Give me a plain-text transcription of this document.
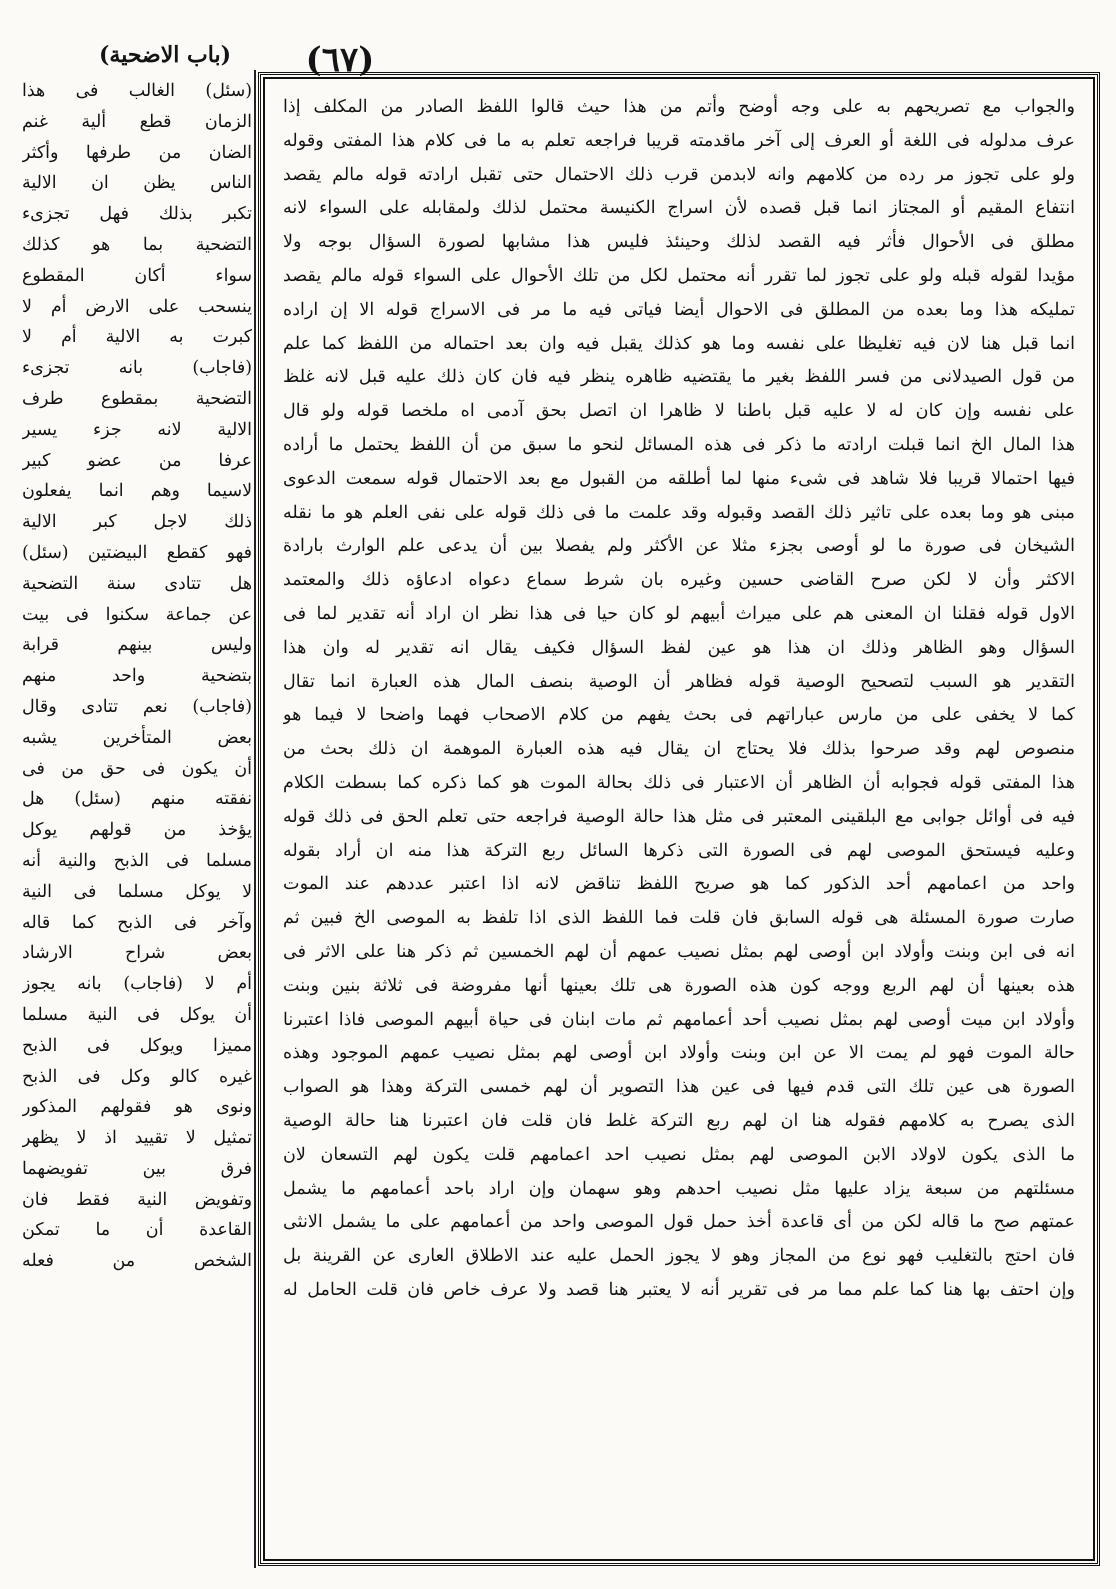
(٦٧)
(باب الاضحية)
والجواب مع تصريحهم به على وجه أوضح وأتم من هذا حيث قالوا اللفظ الصادر من المكلف إذا
عرف مدلوله فى اللغة أو العرف إلى آخر ماقدمته قريبا فراجعه تعلم به ما فى كلام هذا المفتى وقوله
ولو على تجوز مر رده من كلامهم وانه لابدمن قرب ذلك الاحتمال حتى تقبل ارادته قوله مالم يقصد
انتفاع المقيم أو المجتاز انما قبل قصده لأن اسراج الكنيسة محتمل لذلك ولمقابله على السواء لانه
مطلق فى الأحوال فأثر فيه القصد لذلك وحينئذ فليس هذا مشابها لصورة السؤال بوجه ولا
مؤيدا لقوله قبله ولو على تجوز لما تقرر أنه محتمل لكل من تلك الأحوال على السواء قوله مالم يقصد
تمليكه هذا وما بعده من المطلق فى الاحوال أيضا فياتى فيه ما مر فى الاسراج قوله الا إن اراده
انما قبل هنا لان فيه تغليظا على نفسه وما هو كذلك يقبل فيه وان بعد احتماله من اللفظ كما علم
من قول الصيدلانى من فسر اللفظ بغير ما يقتضيه ظاهره ينظر فيه فان كان ذلك عليه قبل لانه غلظ
على نفسه وإن كان له لا عليه قبل باطنا لا ظاهرا ان اتصل بحق آدمى اه ملخصا قوله ولو قال
هذا المال الخ انما قبلت ارادته ما ذكر فى هذه المسائل لنحو ما سبق من أن اللفظ يحتمل ما أراده
فيها احتمالا قريبا فلا شاهد فى شىء منها لما أطلقه من القبول مع بعد الاحتمال قوله سمعت الدعوى
مبنى هو وما بعده على تاثير ذلك القصد وقبوله وقد علمت ما فى ذلك قوله على نفى العلم هو ما نقله
الشيخان فى صورة ما لو أوصى بجزء مثلا عن الأكثر ولم يفصلا بين أن يدعى علم الوارث بارادة
الاكثر وأن لا لكن صرح القاضى حسين وغيره بان شرط سماع دعواه ادعاؤه ذلك والمعتمد
الاول قوله فقلنا ان المعنى هم على ميراث أبيهم لو كان حيا فى هذا نظر ان اراد أنه تقدير لما فى
السؤال وهو الظاهر وذلك ان هذا هو عين لفظ السؤال فكيف يقال انه تقدير له وان هذا
التقدير هو السبب لتصحيح الوصية قوله فظاهر أن الوصية بنصف المال هذه العبارة انما تقال
كما لا يخفى على من مارس عباراتهم فى بحث يفهم من كلام الاصحاب فهما واضحا لا فيما هو
منصوص لهم وقد صرحوا بذلك فلا يحتاج ان يقال فيه هذه العبارة الموهمة ان ذلك بحث من
هذا المفتى قوله فجوابه أن الظاهر أن الاعتبار فى ذلك بحالة الموت هو كما ذكره كما بسطت الكلام
فيه فى أوائل جوابى مع البلقينى المعتبر فى مثل هذا حالة الوصية فراجعه حتى تعلم الحق فى ذلك قوله
وعليه فيستحق الموصى لهم فى الصورة التى ذكرها السائل ربع التركة هذا منه ان أراد بقوله
واحد من اعمامهم أحد الذكور كما هو صريح اللفظ تناقض لانه اذا اعتبر عددهم عند الموت
صارت صورة المسئلة هى قوله السابق فان قلت فما اللفظ الذى اذا تلفظ به الموصى الخ فبين ثم
انه فى ابن وبنت وأولاد ابن أوصى لهم بمثل نصيب عمهم أن لهم الخمسين ثم ذكر هنا على الاثر فى
هذه بعينها أن لهم الربع ووجه كون هذه الصورة هى تلك بعينها أنها مفروضة فى ثلاثة بنين وبنت
وأولاد ابن ميت أوصى لهم بمثل نصيب أحد أعمامهم ثم مات ابنان فى حياة أبيهم الموصى فاذا اعتبرنا
حالة الموت فهو لم يمت الا عن ابن وبنت وأولاد ابن أوصى لهم بمثل نصيب عمهم الموجود وهذه
الصورة هى عين تلك التى قدم فيها فى عين هذا التصوير أن لهم خمسى التركة وهذا هو الصواب
الذى يصرح به كلامهم فقوله هنا ان لهم ربع التركة غلط فان قلت فان اعتبرنا هنا حالة الوصية
ما الذى يكون لاولاد الابن الموصى لهم بمثل نصيب احد اعمامهم قلت يكون لهم التسعان لان
مسئلتهم من سبعة يزاد عليها مثل نصيب احدهم وهو سهمان وإن اراد باحد أعمامهم ما يشمل
عمتهم صح ما قاله لكن من أى قاعدة أخذ حمل قول الموصى واحد من أعمامهم على ما يشمل الانثى
فان احتج بالتغليب فهو نوع من المجاز وهو لا يجوز الحمل عليه عند الاطلاق العارى عن القرينة بل
وإن احتف بها هنا كما علم مما مر فى تقرير أنه لا يعتبر هنا قصد ولا عرف خاص فان قلت الحامل له
(سئل) الغالب فى هذا
الزمان قطع ألية غنم
الضان من طرفها وأكثر
الناس يظن ان الالية
تكبر بذلك فهل تجزىء
التضحية بما هو كذلك
سواء أكان المقطوع
ينسحب على الارض أم لا
كبرت به الالية أم لا
(فاجاب) بانه تجزىء
التضحية بمقطوع طرف
الالية لانه جزء يسير
عرفا من عضو كبير
لاسيما وهم انما يفعلون
ذلك لاجل كبر الالية
فهو كقطع البيضتين (سئل)
هل تتادى سنة التضحية
عن جماعة سكنوا فى بيت
وليس بينهم قرابة
بتضحية واحد منهم
(فاجاب) نعم تتادى وقال
بعض المتأخرين يشبه
أن يكون فى حق من فى
نفقته منهم (سئل) هل
يؤخذ من قولهم يوكل
مسلما فى الذبح والنية أنه
لا يوكل مسلما فى النية
وآخر فى الذبح كما قاله
بعض شراح الارشاد
أم لا (فاجاب) بانه يجوز
أن يوكل فى النية مسلما
مميزا ويوكل فى الذبح
غيره كالو وكل فى الذبح
ونوى هو فقولهم المذكور
تمثيل لا تقييد اذ لا يظهر
فرق بين تفويضهما
وتفويض النية فقط فان
القاعدة أن ما تمكن
الشخص من فعله
